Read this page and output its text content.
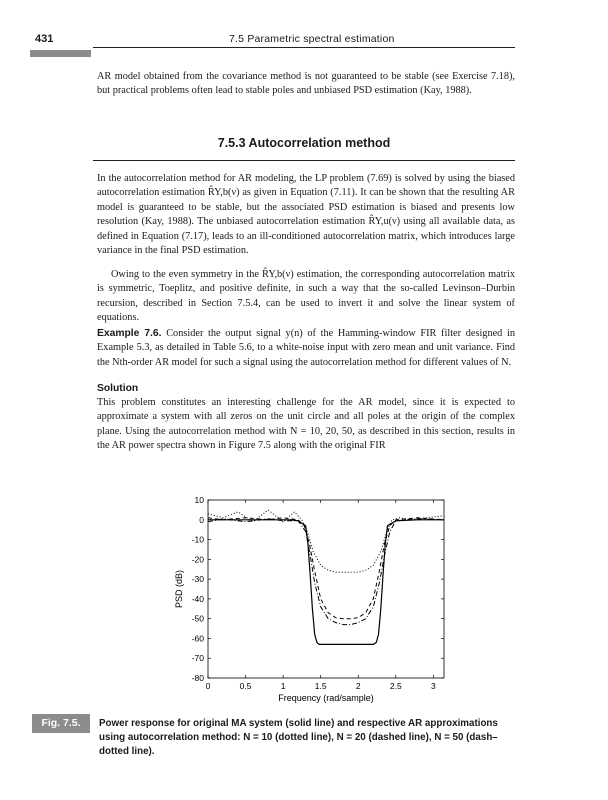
431	7.5 Parametric spectral estimation
AR model obtained from the covariance method is not guaranteed to be stable (see Exercise 7.18), but practical problems often lead to stable poles and unbiased PSD estimation (Kay, 1988).
7.5.3 Autocorrelation method
In the autocorrelation method for AR modeling, the LP problem (7.69) is solved by using the biased autocorrelation estimation R̂Y,b(ν) as given in Equation (7.11). It can be shown that the resulting AR model is guaranteed to be stable, but the associated PSD estimation is biased and presents low resolution (Kay, 1988). The unbiased autocorrelation estimation R̂Y,u(ν) using all available data, as defined in Equation (7.17), leads to an ill-conditioned autocorrelation matrix, which introduces large variance in the final PSD estimation.
Owing to the even symmetry in the R̂Y,b(ν) estimation, the corresponding autocorrelation matrix is symmetric, Toeplitz, and positive definite, in such a way that the so-called Levinson–Durbin recursion, described in Section 7.5.4, can be used to invert it and solve the linear system of equations.
Example 7.6. Consider the output signal y(n) of the Hamming-window FIR filter designed in Example 5.3, as detailed in Table 5.6, to a white-noise input with zero mean and unit variance. Find the Nth-order AR model for such a signal using the autocorrelation method for different values of N.
Solution
This problem constitutes an interesting challenge for the AR model, since it is expected to approximate a system with all zeros on the unit circle and all poles at the origin of the complex plane. Using the autocorrelation method with N = 10, 20, 50, as described in this section, results in the AR power spectra shown in Figure 7.5 along with the original FIR
10
0
-10
-20
-30
-40
-50
-60
-70
-80
0	0.5	1	1.5	2	2.5	3
Frequency (rad/sample)
PSD (dB)
Fig. 7.5.	Power response for original MA system (solid line) and respective AR approximations using autocorrelation method: N = 10 (dotted line), N = 20 (dashed line), N = 50 (dash–dotted line).
